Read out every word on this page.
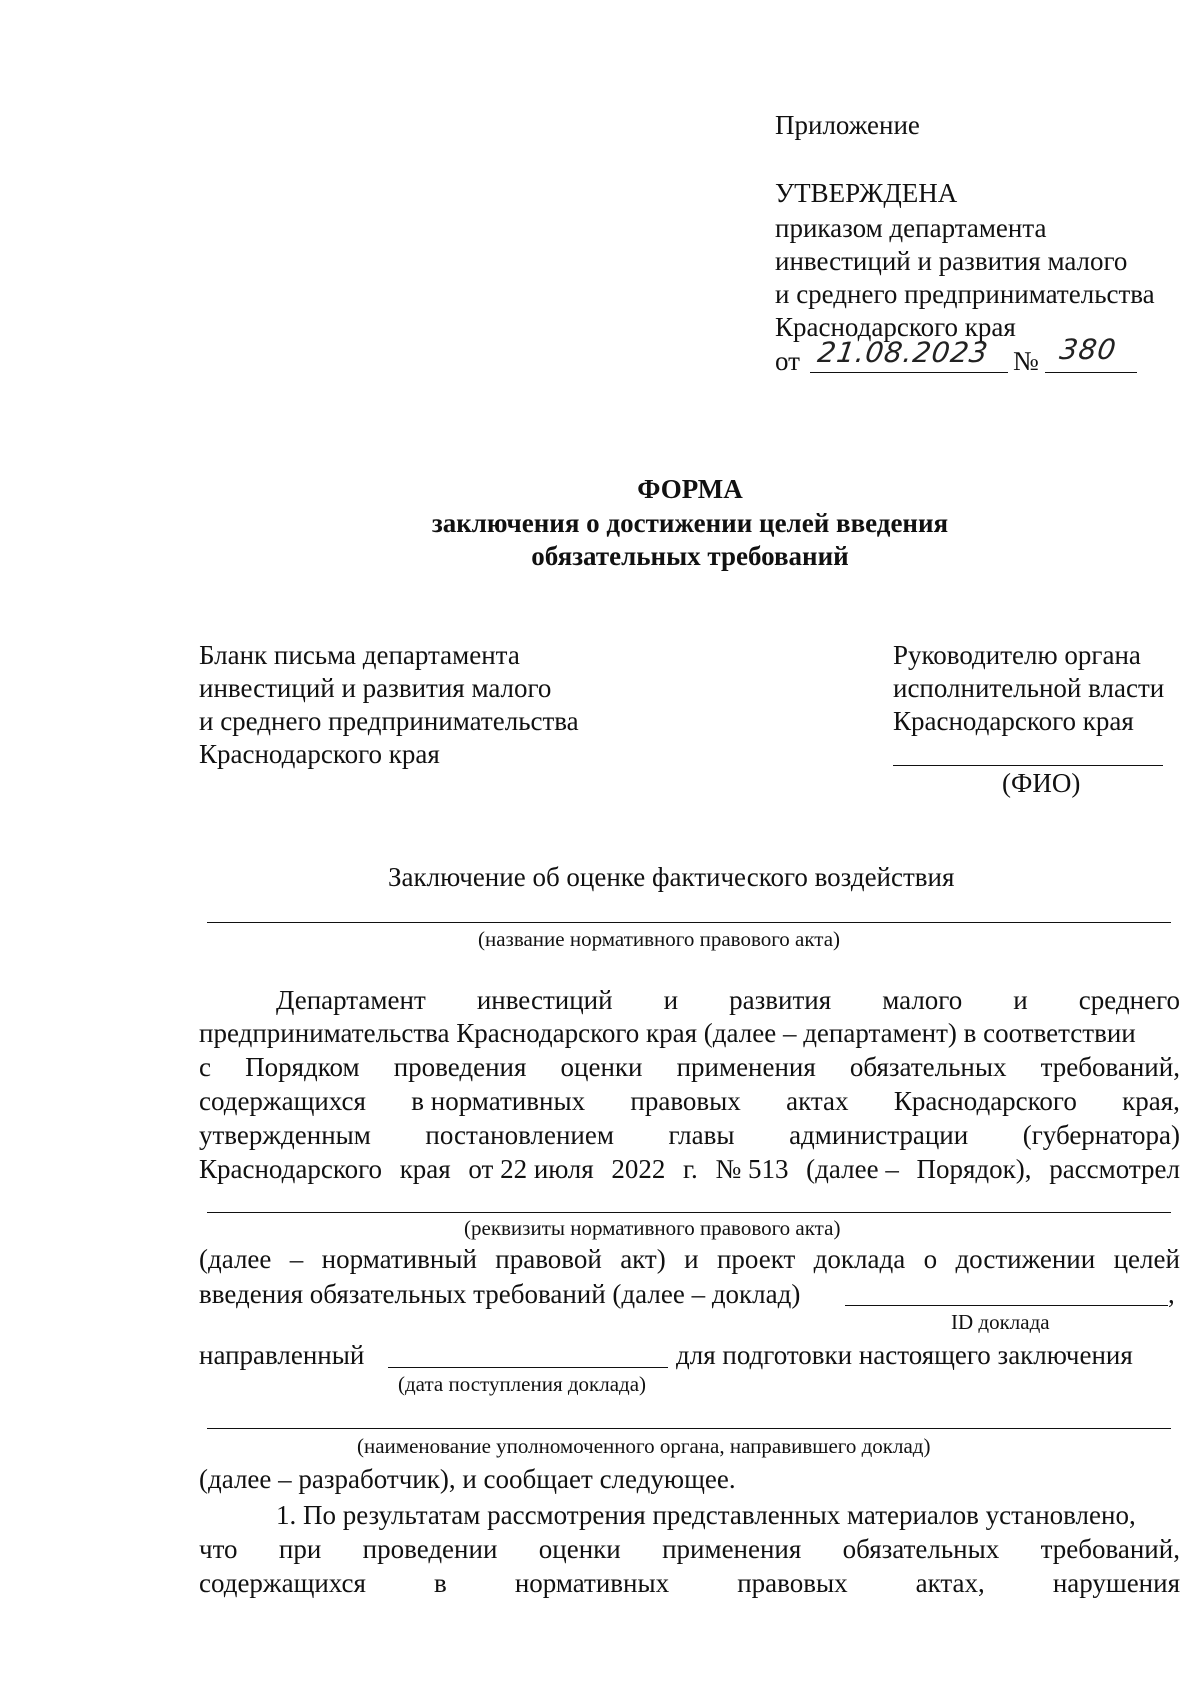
Приложение
УТВЕРЖДЕНА
приказом департамента
инвестиций и развития малого
и среднего предпринимательства
Краснодарского края
от 21.08.2023 № 380
ФОРМА
заключения о достижении целей введения
обязательных требований
Бланк письма департамента
инвестиций и развития малого
и среднего предпринимательства
Краснодарского края
Руководителю органа
исполнительной власти
Краснодарского края
(ФИО)
Заключение об оценке фактического воздействия
(название нормативного правового акта)
Департамент инвестиций и развития малого и среднего
предпринимательства Краснодарского края (далее – департамент) в соответствии
с Порядком проведения оценки применения обязательных требований,
содержащихся в нормативных правовых актах Краснодарского края,
утвержденным постановлением главы администрации (губернатора)
Краснодарского края от 22 июля 2022 г. № 513 (далее – Порядок), рассмотрел
(реквизиты нормативного правового акта)
(далее – нормативный правовой акт) и проект доклада о достижении целей
введения обязательных требований (далее – доклад)	,
ID доклада
направленный	для подготовки настоящего заключения
(дата поступления доклада)
(наименование уполномоченного органа, направившего доклад)
(далее – разработчик), и сообщает следующее.
1. По результатам рассмотрения представленных материалов установлено,
что при проведении оценки применения обязательных требований,
содержащихся	в	нормативных	правовых	актах,	нарушения
